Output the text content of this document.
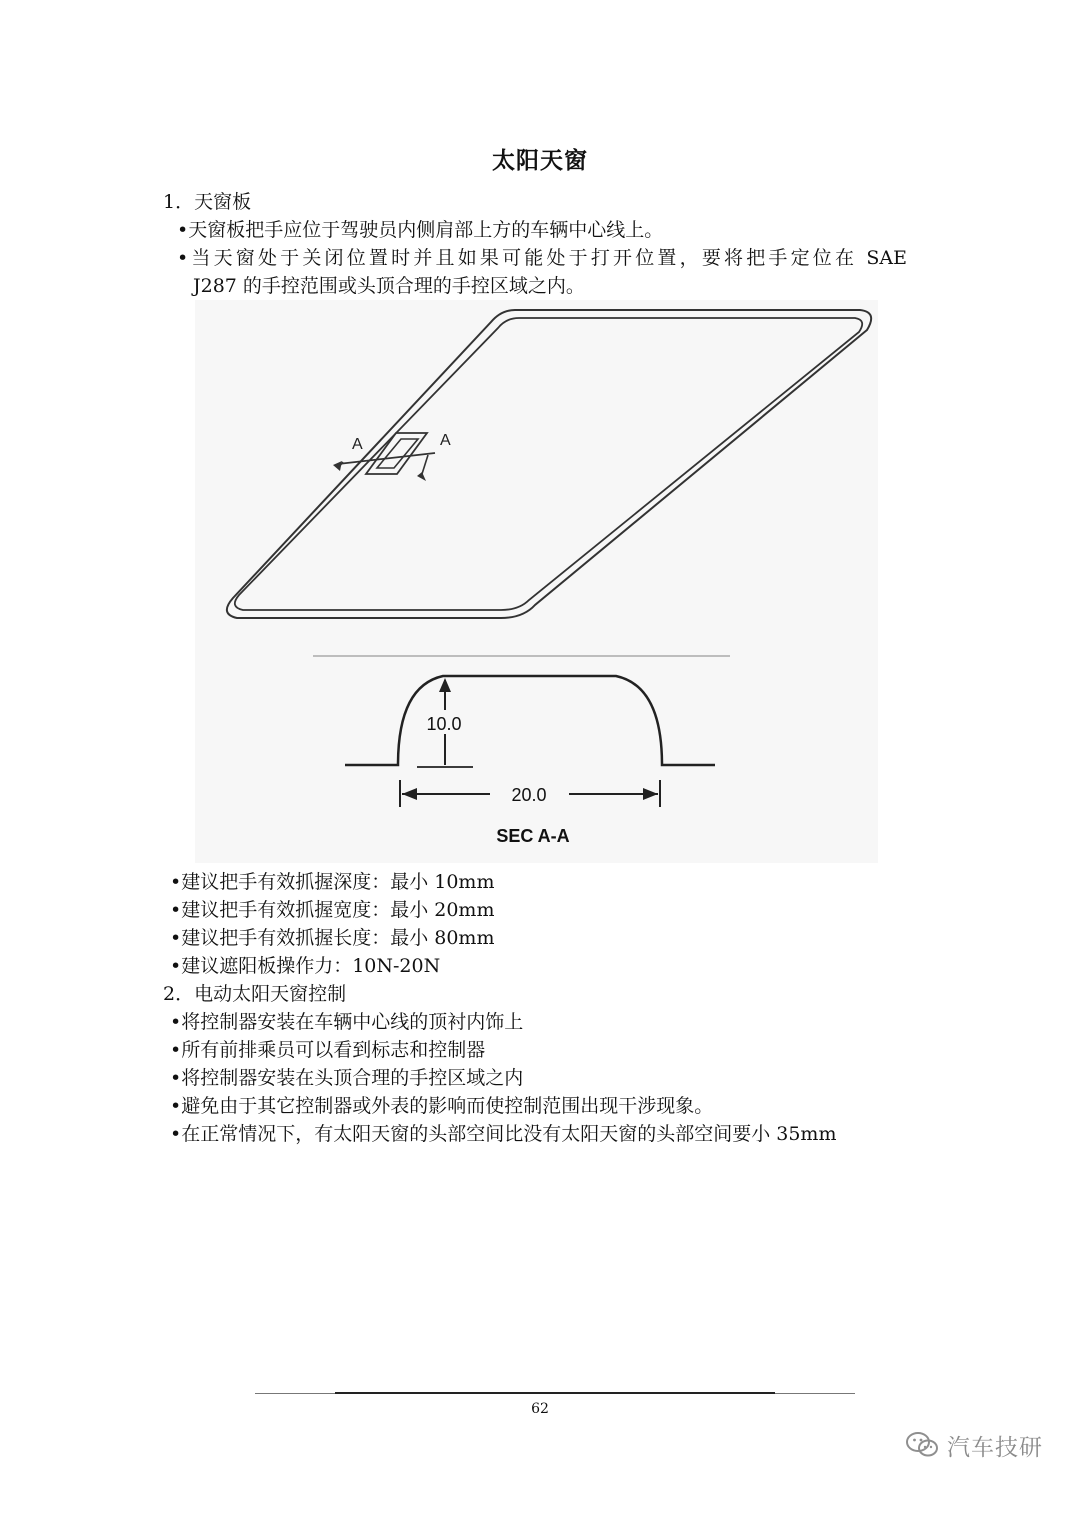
太阳天窗
1．天窗板
•天窗板把手应位于驾驶员内侧肩部上方的车辆中心线上。
•当天窗处于关闭位置时并且如果可能处于打开位置，要将把手定位在 SAE
J287 的手控范围或头顶合理的手控区域之内。
A	A
10.0
20.0
SEC A-A
•建议把手有效抓握深度：最小 10mm
•建议把手有效抓握宽度：最小 20mm
•建议把手有效抓握长度：最小 80mm
•建议遮阳板操作力：10N-20N
2．电动太阳天窗控制
•将控制器安装在车辆中心线的顶衬内饰上
•所有前排乘员可以看到标志和控制器
•将控制器安装在头顶合理的手控区域之内
•避免由于其它控制器或外表的影响而使控制范围出现干涉现象。
•在正常情况下，有太阳天窗的头部空间比没有太阳天窗的头部空间要小 35mm
62
汽车技研
